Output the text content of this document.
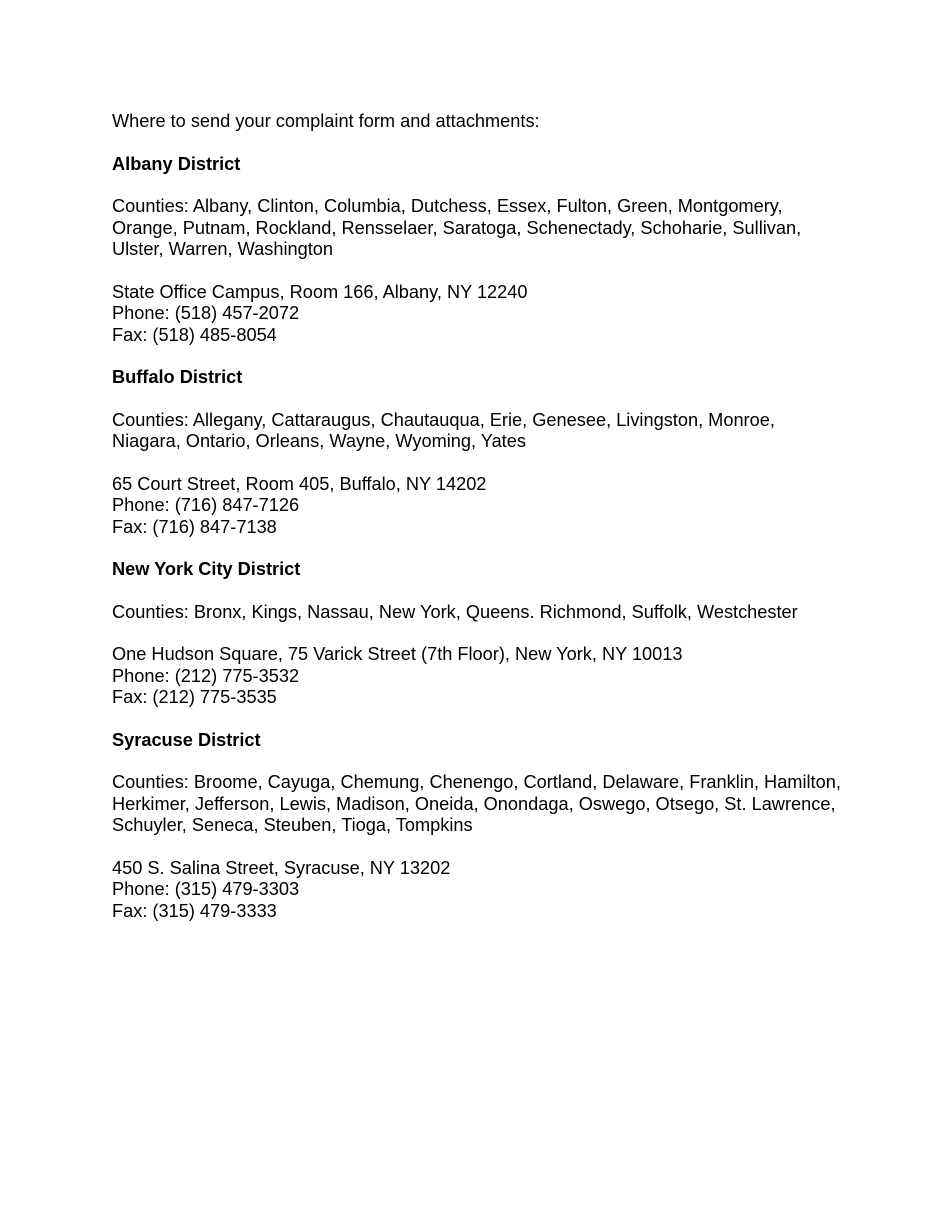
Where to send your complaint form and attachments:

Albany District

Counties: Albany, Clinton, Columbia, Dutchess, Essex, Fulton, Green, Montgomery, Orange, Putnam, Rockland, Rensselaer, Saratoga, Schenectady, Schoharie, Sullivan, Ulster, Warren, Washington

State Office Campus, Room 166, Albany, NY 12240

Phone: (518) 457-2072

Fax: (518) 485-8054

Buffalo District

Counties: Allegany, Cattaraugus, Chautauqua, Erie, Genesee, Livingston, Monroe, Niagara, Ontario, Orleans, Wayne, Wyoming, Yates

65 Court Street, Room 405, Buffalo, NY 14202

Phone: (716) 847-7126

Fax: (716) 847-7138

New York City District

Counties: Bronx, Kings, Nassau, New York, Queens. Richmond, Suffolk, Westchester

One Hudson Square, 75 Varick Street (7th Floor), New York, NY 10013

Phone: (212) 775-3532

Fax: (212) 775-3535

Syracuse District

Counties: Broome, Cayuga, Chemung, Chenengo, Cortland, Delaware, Franklin, Hamilton, Herkimer, Jefferson, Lewis, Madison, Oneida, Onondaga, Oswego, Otsego, St. Lawrence, Schuyler, Seneca, Steuben, Tioga, Tompkins

450 S. Salina Street, Syracuse, NY 13202

Phone: (315) 479-3303

Fax: (315) 479-3333
